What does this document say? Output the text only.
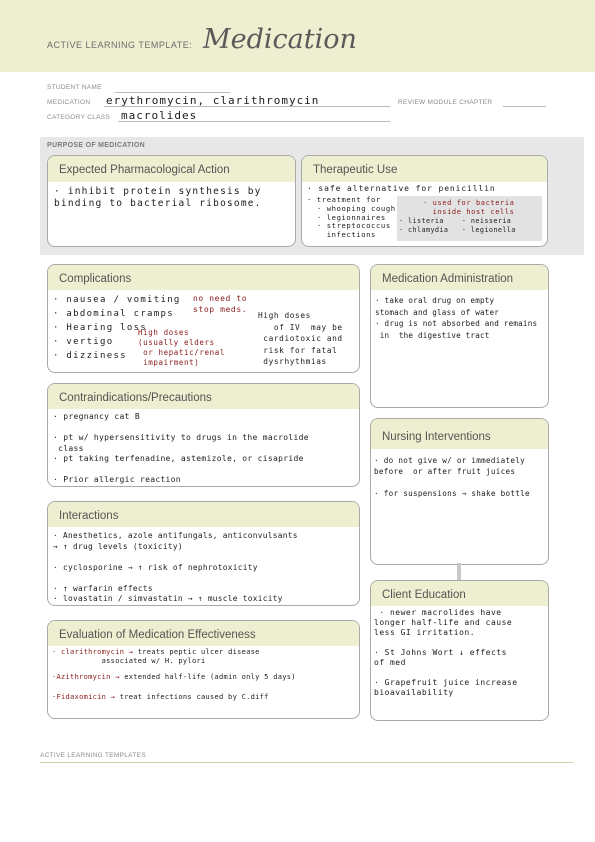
ACTIVE LEARNING TEMPLATE: Medication
STUDENT NAME
MEDICATION erythromycin, clarithromycin	REVIEW MODULE CHAPTER
CATEGORY CLASS macrolides
PURPOSE OF MEDICATION
Expected Pharmacological Action
· inhibit protein synthesis by
binding to bacterial ribosome.
Therapeutic Use
· safe alternative for penicillin
· treatment for
· whooping cough
· legionnaires
· streptococcus
infections
· used for bacteria
inside host cells
· listeria    · neisseria
· chlamydia   · legionella
Complications
· nausea / vomiting
· abdominal cramps
· Hearing loss
· vertigo
· dizziness
no need to
stop meds.
High doses
(usually elders
or hepatic/renal
impairment)
High doses
of IV  may be
cardiotoxic and
risk for fatal
dysrhythmias
Medication Administration
· take oral drug on empty
stomach and glass of water
· drug is not absorbed and remains
in  the digestive tract
Contraindications/Precautions
· pregnancy cat B

· pt w/ hypersensitivity to drugs in the macrolide
class
· pt taking terfenadine, astemizole, or cisapride

· Prior allergic reaction
Nursing Interventions
· do not give w/ or immediately
before  or after fruit juices

· for suspensions → shake bottle
Interactions
· Anesthetics, azole antifungals, anticonvulsants
→ ↑ drug levels (toxicity)

· cyclosporine → ↑ risk of nephrotoxicity

· ↑ warfarin effects
· lovastatin / simvastatin → ↑ muscle toxicity	Client Education
· newer macrolides have
longer half-life and cause
less GI irritation.

· St Johns Wort ↓ effects
of med

· Grapefruit juice increase
bioavailability
Evaluation of Medication Effectiveness
· clarithromycin → treats peptic ulcer disease
associated w/ H. pylori
·Azithromycin → extended half-life (admin only 5 days)
·Fidaxomicin → treat infections caused by C.diff
ACTIVE LEARNING TEMPLATES
